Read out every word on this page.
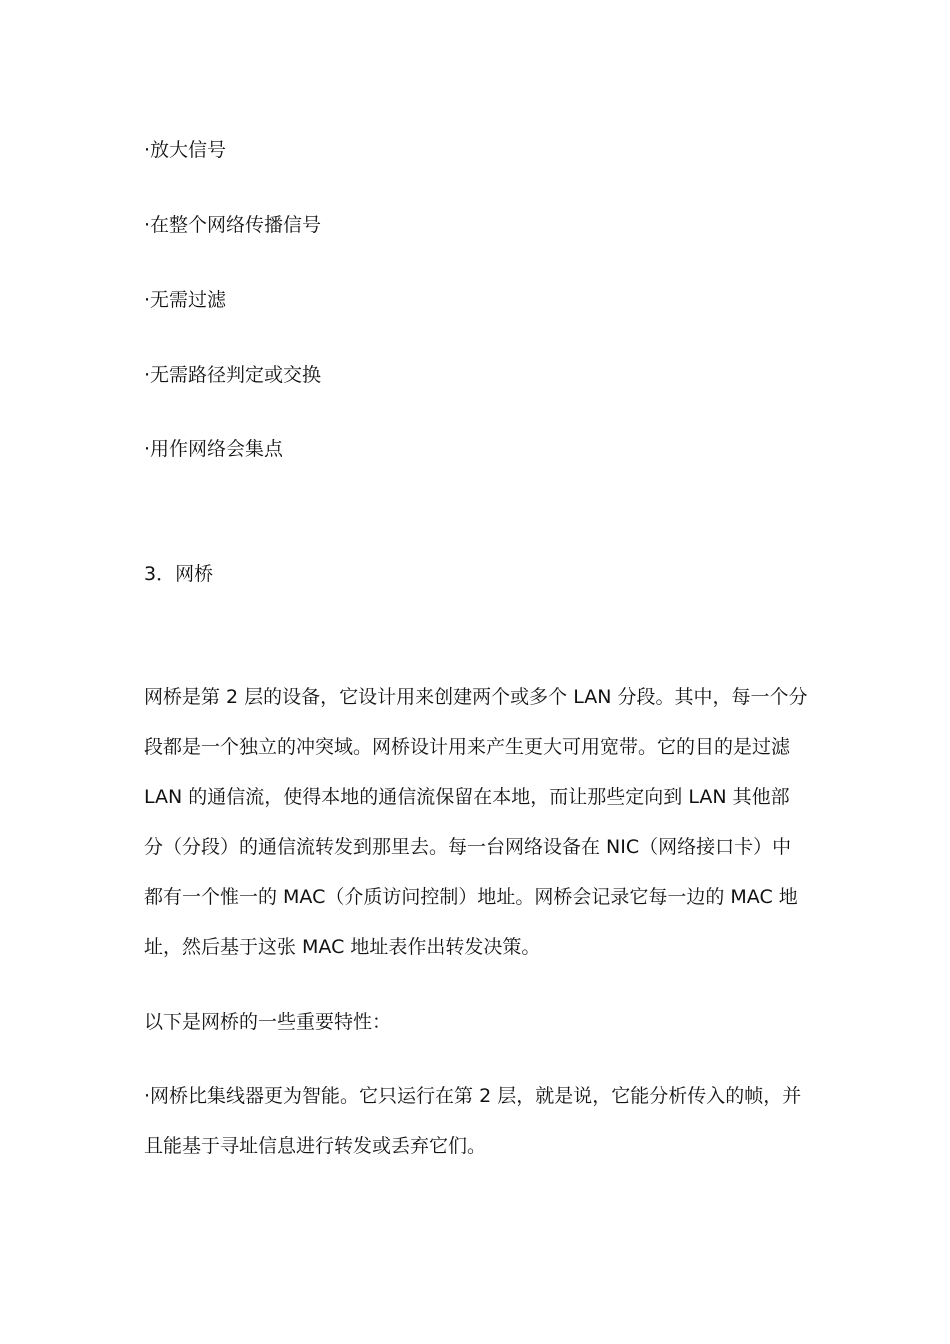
·放大信号
·在整个网络传播信号
·无需过滤
·无需路径判定或交换
·用作网络会集点
3．网桥
网桥是第 2 层的设备，它设计用来创建两个或多个 LAN 分段。其中，每一个分
段都是一个独立的冲突域。网桥设计用来产生更大可用宽带。它的目的是过滤
LAN 的通信流，使得本地的通信流保留在本地，而让那些定向到 LAN 其他部
分（分段）的通信流转发到那里去。每一台网络设备在 NIC（网络接口卡）中
都有一个惟一的 MAC（介质访问控制）地址。网桥会记录它每一边的 MAC 地
址，然后基于这张 MAC 地址表作出转发决策。
以下是网桥的一些重要特性：
·网桥比集线器更为智能。它只运行在第 2 层，就是说，它能分析传入的帧，并
且能基于寻址信息进行转发或丢弃它们。
